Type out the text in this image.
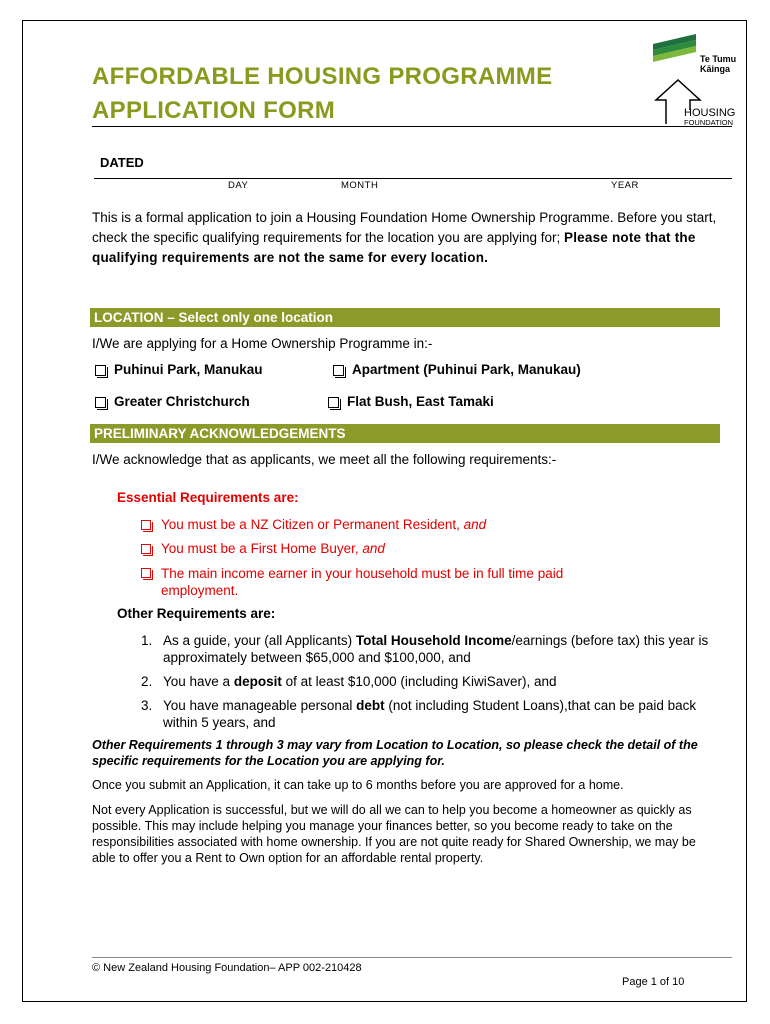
AFFORDABLE HOUSING PROGRAMME
APPLICATION FORM
Te Tumu
Kāinga
HOUSING
FOUNDATION
DATED
DAY	MONTH	YEAR
This is a formal application to join a Housing Foundation Home Ownership Programme. Before you start, check the specific qualifying requirements for the location you are applying for; Please note that the qualifying requirements are not the same for every location.
LOCATION – Select only one location
I/We are applying for a Home Ownership Programme in:-
Puhinui Park, Manukau	Apartment (Puhinui Park, Manukau)
Greater Christchurch	Flat Bush, East Tamaki
PRELIMINARY ACKNOWLEDGEMENTS
I/We acknowledge that as applicants, we meet all the following requirements:-
Essential Requirements are:
You must be a NZ Citizen or Permanent Resident, and
You must be a First Home Buyer, and
The main income earner in your household must be in full time paid employment.
Other Requirements are:
1. As a guide, your (all Applicants) Total Household Income/earnings (before tax) this year is approximately between $65,000 and $100,000, and
2. You have a deposit of at least $10,000 (including KiwiSaver), and
3. You have manageable personal debt (not including Student Loans),that can be paid back within 5 years, and
Other Requirements 1 through 3 may vary from Location to Location, so please check the detail of the specific requirements for the Location you are applying for.
Once you submit an Application, it can take up to 6 months before you are approved for a home.
Not every Application is successful, but we will do all we can to help you become a homeowner as quickly as possible. This may include helping you manage your finances better, so you become ready to take on the responsibilities associated with home ownership. If you are not quite ready for Shared Ownership, we may be able to offer you a Rent to Own option for an affordable rental property.
© New Zealand Housing Foundation– APP 002-210428
Page 1 of 10
